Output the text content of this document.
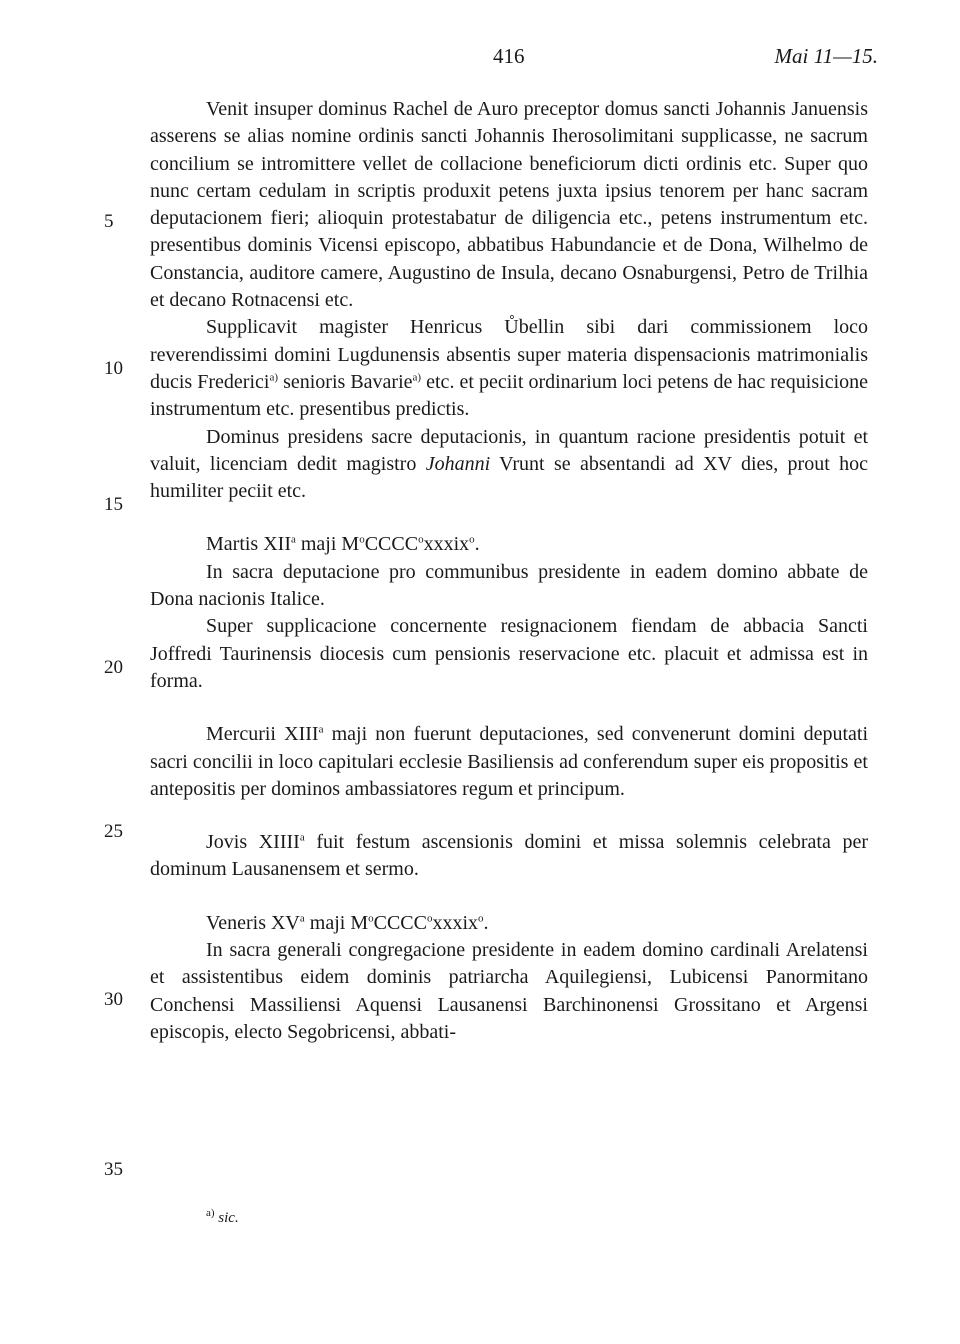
416	Mai 11—15.
5
10
15
20
25
30
35

Venit insuper dominus Rachel de Auro preceptor domus sancti Johannis Januensis asserens se alias nomine ordinis sancti Johannis Iherosolimitani supplicasse, ne sacrum concilium se intromittere vellet de collacione beneficiorum dicti ordinis etc. Super quo nunc certam cedulam in scriptis produxit petens juxta ipsius tenorem per hanc sacram deputacionem fieri; alioquin protestabatur de diligencia etc., petens instrumentum etc. presentibus dominis Vicensi episcopo, abbatibus Habundancie et de Dona, Wilhelmo de Constancia, auditore camere, Augustino de Insula, decano Osnaburgensi, Petro de Trilhia et decano Rotnacensi etc.

Supplicavit magister Henricus Ůbellin sibi dari commissionem loco reverendissimi domini Lugdunensis absentis super materia dispensacionis matrimonialis ducis Frederici$^{a)}$ senioris Bavarie$^{a)}$ etc. et peciit ordinarium loci petens de hac requisicione instrumentum etc. presentibus predictis.

Dominus presidens sacre deputacionis, in quantum racione presidentis potuit et valuit, licenciam dedit magistro Johanni Vrunt se absentandi ad XV dies, prout hoc humiliter peciit etc.

Martis XII$^a$ maji $M^oCCCC^oxxxix^o$.

In sacra deputacione pro communibus presidente in eadem domino abbate de Dona nacionis Italice.

Super supplicacione concernente resignacionem fiendam de abbacia Sancti Joffredi Taurinensis diocesis cum pensionis reservacione etc. placuit et admissa est in forma.

Mercurii XIII$^a$ maji non fuerunt deputaciones, sed convenerunt domini deputati sacri concilii in loco capitulari ecclesie Basiliensis ad conferendum super eis propositis et antepositis per dominos ambassiatores regum et principum.

Jovis XIIII$^a$ fuit festum ascensionis domini et missa solemnis celebrata per dominum Lausanensem et sermo.

Veneris $XV^a$ maji $M^oCCCC^oxxxix^o$.

In sacra generali congregacione presidente in eadem domino cardinali Arelatensi et assistentibus eidem dominis patriarcha Aquilegiensi, Lubicensi Panormitano Conchensi Massiliensi Aquensi Lausanensi Barchinonensi Grossitano et Argensi episcopis, electo Segobricensi, abbati-

$^{a)}$ sic.
